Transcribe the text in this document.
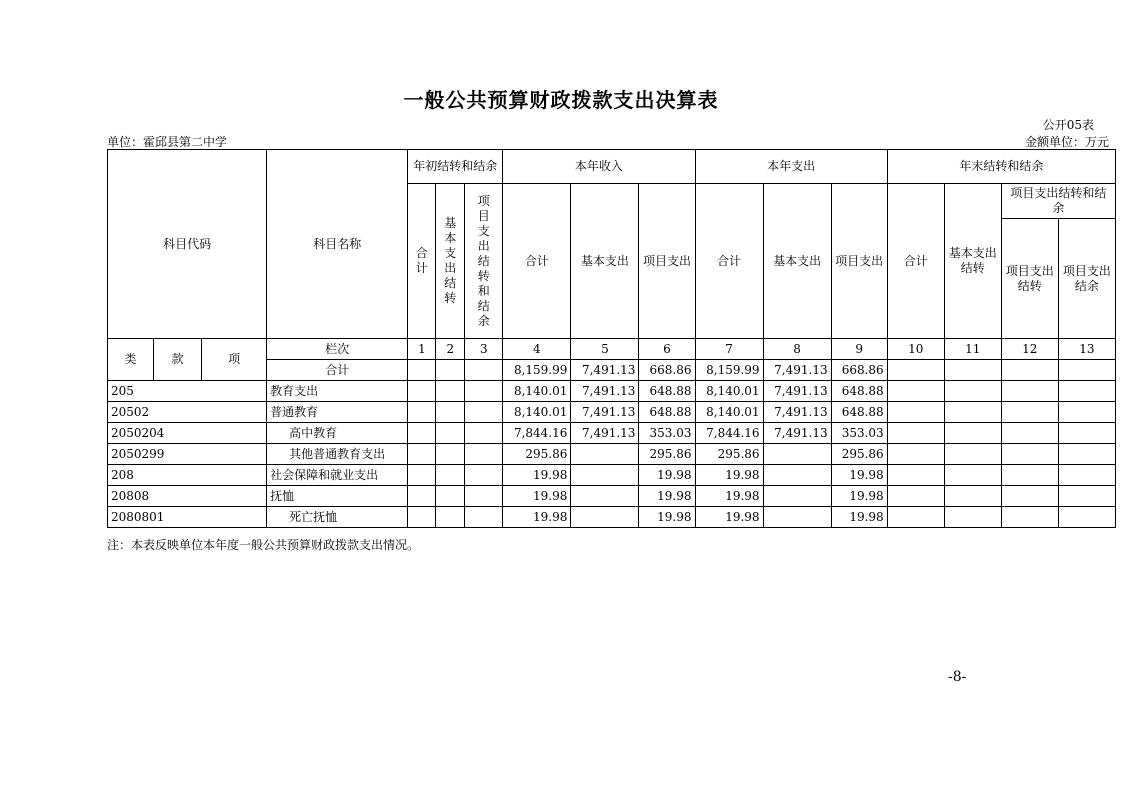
一般公共预算财政拨款支出决算表
公开05表
单位：霍邱县第二中学	金额单位：万元
科目代码			科目名称	年初结转和结余			本年收入			本年支出			年末结转和结余			
				合计	基本支出结转	项目支出结转和结余	合计	基本支出	项目支出	合计	基本支出	项目支出	合计	基本支出结转	项目支出结转和结余	
															项目支出结转	项目支出结余
类	款	项	栏次	1	2	3	4	5	6	7	8	9	10	11	12	13
			合计				8,159.99	7,491.13	668.86	8,159.99	7,491.13	668.86				
205			教育支出				8,140.01	7,491.13	648.88	8,140.01	7,491.13	648.88				
20502			普通教育				8,140.01	7,491.13	648.88	8,140.01	7,491.13	648.88				
2050204			高中教育				7,844.16	7,491.13	353.03	7,844.16	7,491.13	353.03				
2050299			其他普通教育支出				295.86		295.86	295.86		295.86				
208			社会保障和就业支出				19.98		19.98	19.98		19.98				
20808			抚恤				19.98		19.98	19.98		19.98				
2080801			死亡抚恤				19.98		19.98	19.98		19.98				
注：本表反映单位本年度一般公共预算财政拨款支出情况。
-8-
